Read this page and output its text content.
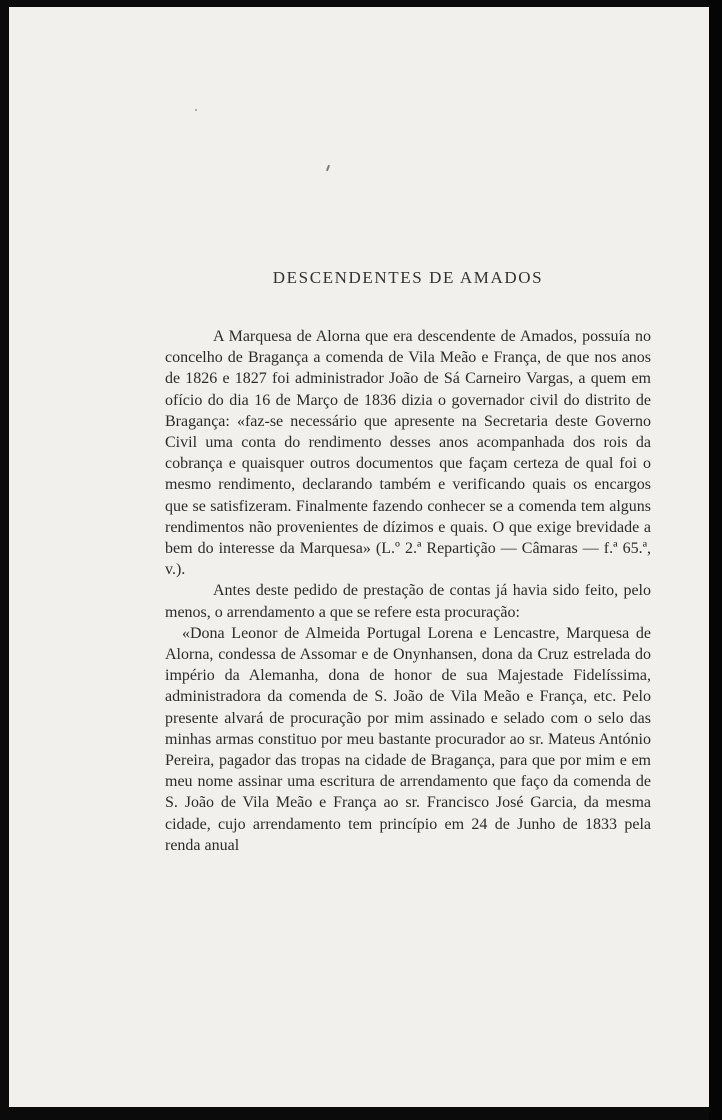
DESCENDENTES DE AMADOS

A Marquesa de Alorna que era descendente de Amados, possuía no concelho de Bragança a comenda de Vila Meão e França, de que nos anos de 1826 e 1827 foi administrador João de Sá Carneiro Vargas, a quem em ofício do dia 16 de Março de 1836 dizia o governador civil do distrito de Bragança: «faz-se necessário que apresente na Secretaria deste Governo Civil uma conta do rendimento desses anos acompanhada dos rois da cobrança e quaisquer outros documentos que façam certeza de qual foi o mesmo rendimento, declarando também e verificando quais os encargos que se satisfizeram. Finalmente fazendo conhecer se a comenda tem alguns rendimentos não provenientes de dízimos e quais. O que exige brevidade a bem do interesse da Marquesa» (L.º 2.ª Repartição — Câmaras — f.ª 65.ª, v.).

Antes deste pedido de prestação de contas já havia sido feito, pelo menos, o arrendamento a que se refere esta procuração:

«Dona Leonor de Almeida Portugal Lorena e Lencastre, Marquesa de Alorna, condessa de Assomar e de Onynhansen, dona da Cruz estrelada do império da Alemanha, dona de honor de sua Majestade Fidelíssima, administradora da comenda de S. João de Vila Meão e França, etc. Pelo presente alvará de procuração por mim assinado e selado com o selo das minhas armas constituo por meu bastante procurador ao sr. Mateus António Pereira, pagador das tropas na cidade de Bragança, para que por mim e em meu nome assinar uma escritura de arrendamento que faço da comenda de S. João de Vila Meão e França ao sr. Francisco José Garcia, da mesma cidade, cujo arrendamento tem princípio em 24 de Junho de 1833 pela renda anual
